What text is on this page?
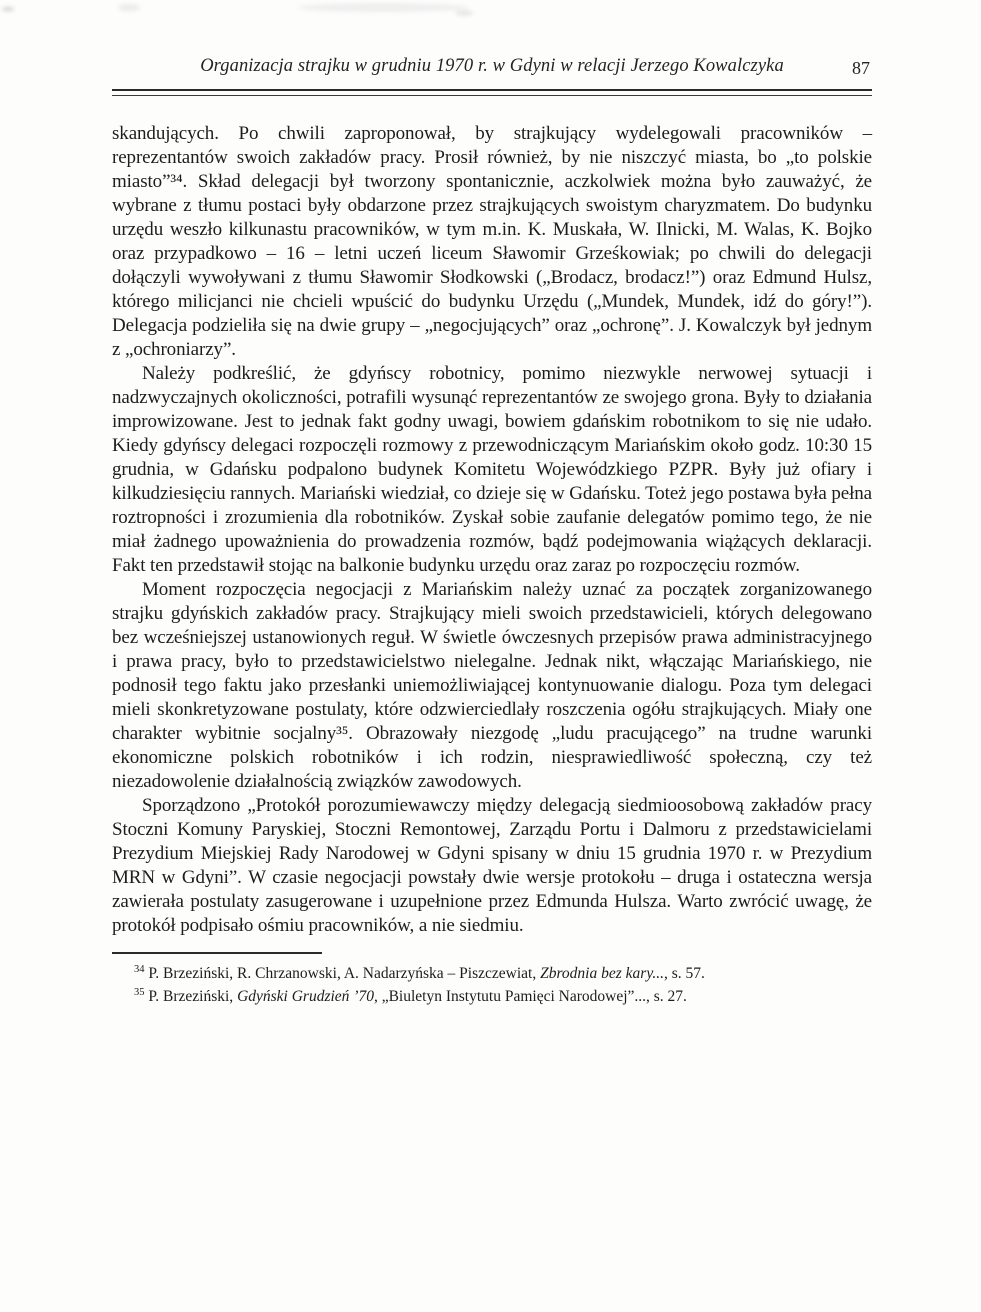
Organizacja strajku w grudniu 1970 r. w Gdyni w relacji Jerzego Kowalczyka	87

skandujących. Po chwili zaproponował, by strajkujący wydelegowali pracowników – reprezentantów swoich zakładów pracy. Prosił również, by nie niszczyć miasta, bo „to polskie miasto”³⁴. Skład delegacji był tworzony spontanicznie, aczkolwiek można było zauważyć, że wybrane z tłumu postaci były obdarzone przez strajkujących swoistym charyzmatem. Do budynku urzędu weszło kilkunastu pracowników, w tym m.in. K. Muskała, W. Ilnicki, M. Walas, K. Bojko oraz przypadkowo – 16 – letni uczeń liceum Sławomir Grześkowiak; po chwili do delegacji dołączyli wywoływani z tłumu Sławomir Słodkowski („Brodacz, brodacz!”) oraz Edmund Hulsz, którego milicjanci nie chcieli wpuścić do budynku Urzędu („Mundek, Mundek, idź do góry!”). Delegacja podzieliła się na dwie grupy – „negocjujących” oraz „ochronę”. J. Kowalczyk był jednym z „ochroniarzy”.

Należy podkreślić, że gdyńscy robotnicy, pomimo niezwykle nerwowej sytuacji i nadzwyczajnych okoliczności, potrafili wysunąć reprezentantów ze swojego grona. Były to działania improwizowane. Jest to jednak fakt godny uwagi, bowiem gdańskim robotnikom to się nie udało. Kiedy gdyńscy delegaci rozpoczęli rozmowy z przewodniczącym Mariańskim około godz. 10:30 15 grudnia, w Gdańsku podpalono budynek Komitetu Wojewódzkiego PZPR. Były już ofiary i kilkudziesięciu rannych. Mariański wiedział, co dzieje się w Gdańsku. Toteż jego postawa była pełna roztropności i zrozumienia dla robotników. Zyskał sobie zaufanie delegatów pomimo tego, że nie miał żadnego upoważnienia do prowadzenia rozmów, bądź podejmowania wiążących deklaracji. Fakt ten przedstawił stojąc na balkonie budynku urzędu oraz zaraz po rozpoczęciu rozmów.

Moment rozpoczęcia negocjacji z Mariańskim należy uznać za początek zorganizowanego strajku gdyńskich zakładów pracy. Strajkujący mieli swoich przedstawicieli, których delegowano bez wcześniejszej ustanowionych reguł. W świetle ówczesnych przepisów prawa administracyjnego i prawa pracy, było to przedstawicielstwo nielegalne. Jednak nikt, włączając Mariańskiego, nie podnosił tego faktu jako przesłanki uniemożliwiającej kontynuowanie dialogu. Poza tym delegaci mieli skonkretyzowane postulaty, które odzwierciedlały roszczenia ogółu strajkujących. Miały one charakter wybitnie socjalny³⁵. Obrazowały niezgodę „ludu pracującego” na trudne warunki ekonomiczne polskich robotników i ich rodzin, niesprawiedliwość społeczną, czy też niezadowolenie działalnością związków zawodowych.

Sporządzono „Protokół porozumiewawczy między delegacją siedmioosobową zakładów pracy Stoczni Komuny Paryskiej, Stoczni Remontowej, Zarządu Portu i Dalmoru z przedstawicielami Prezydium Miejskiej Rady Narodowej w Gdyni spisany w dniu 15 grudnia 1970 r. w Prezydium MRN w Gdyni”. W czasie negocjacji powstały dwie wersje protokołu – druga i ostateczna wersja zawierała postulaty zasugerowane i uzupełnione przez Edmunda Hulsza. Warto zwrócić uwagę, że protokół podpisało ośmiu pracowników, a nie siedmiu.

$^{34}$ P. Brzeziński, R. Chrzanowski, A. Nadarzyńska – Piszczewiat, Zbrodnia bez kary..., s. 57.

$^{35}$ P. Brzeziński, Gdyński Grudzień ’70, „Biuletyn Instytutu Pamięci Narodowej”..., s. 27.
